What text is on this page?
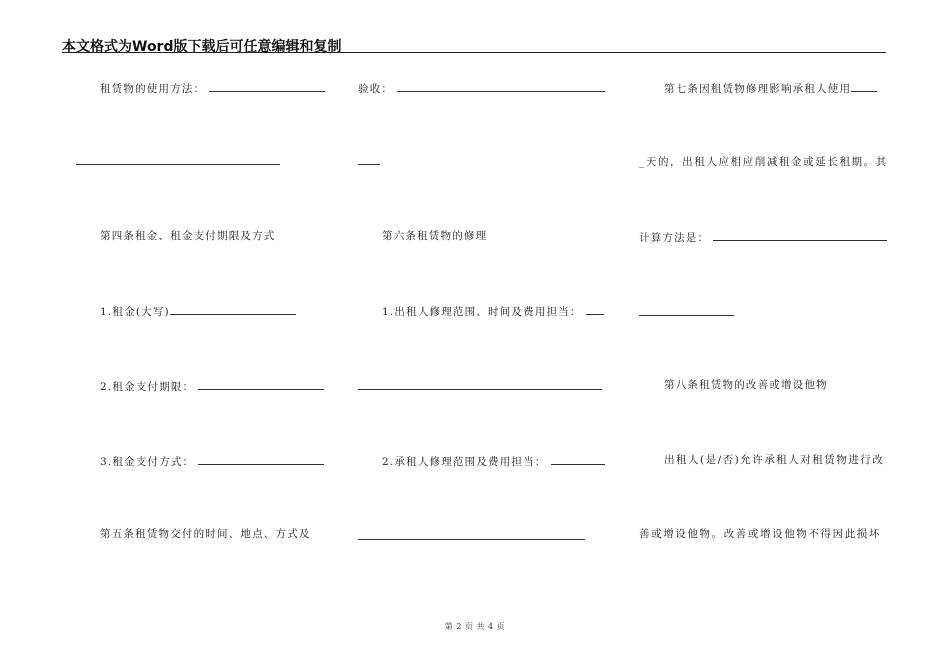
本文格式为Word版下载后可任意编辑和复制
租赁物的使用方法：
第四条租金、租金支付期限及方式
1.租金(大写)
2.租金支付期限：
3.租金支付方式：
第五条租赁物交付的时间、地点、方式及
验收：
第六条租赁物的修理
1.出租人修理范围、时间及费用担当：
2.承租人修理范围及费用担当：
第七条因租赁物修理影响承租人使用
_天的，出租人应相应削减租金或延长租期。其
计算方法是：
第八条租赁物的改善或增设他物
出租人(是/否)允许承租人对租赁物进行改
善或增设他物。改善或增设他物不得因此损坏
第 2 页 共 4 页
